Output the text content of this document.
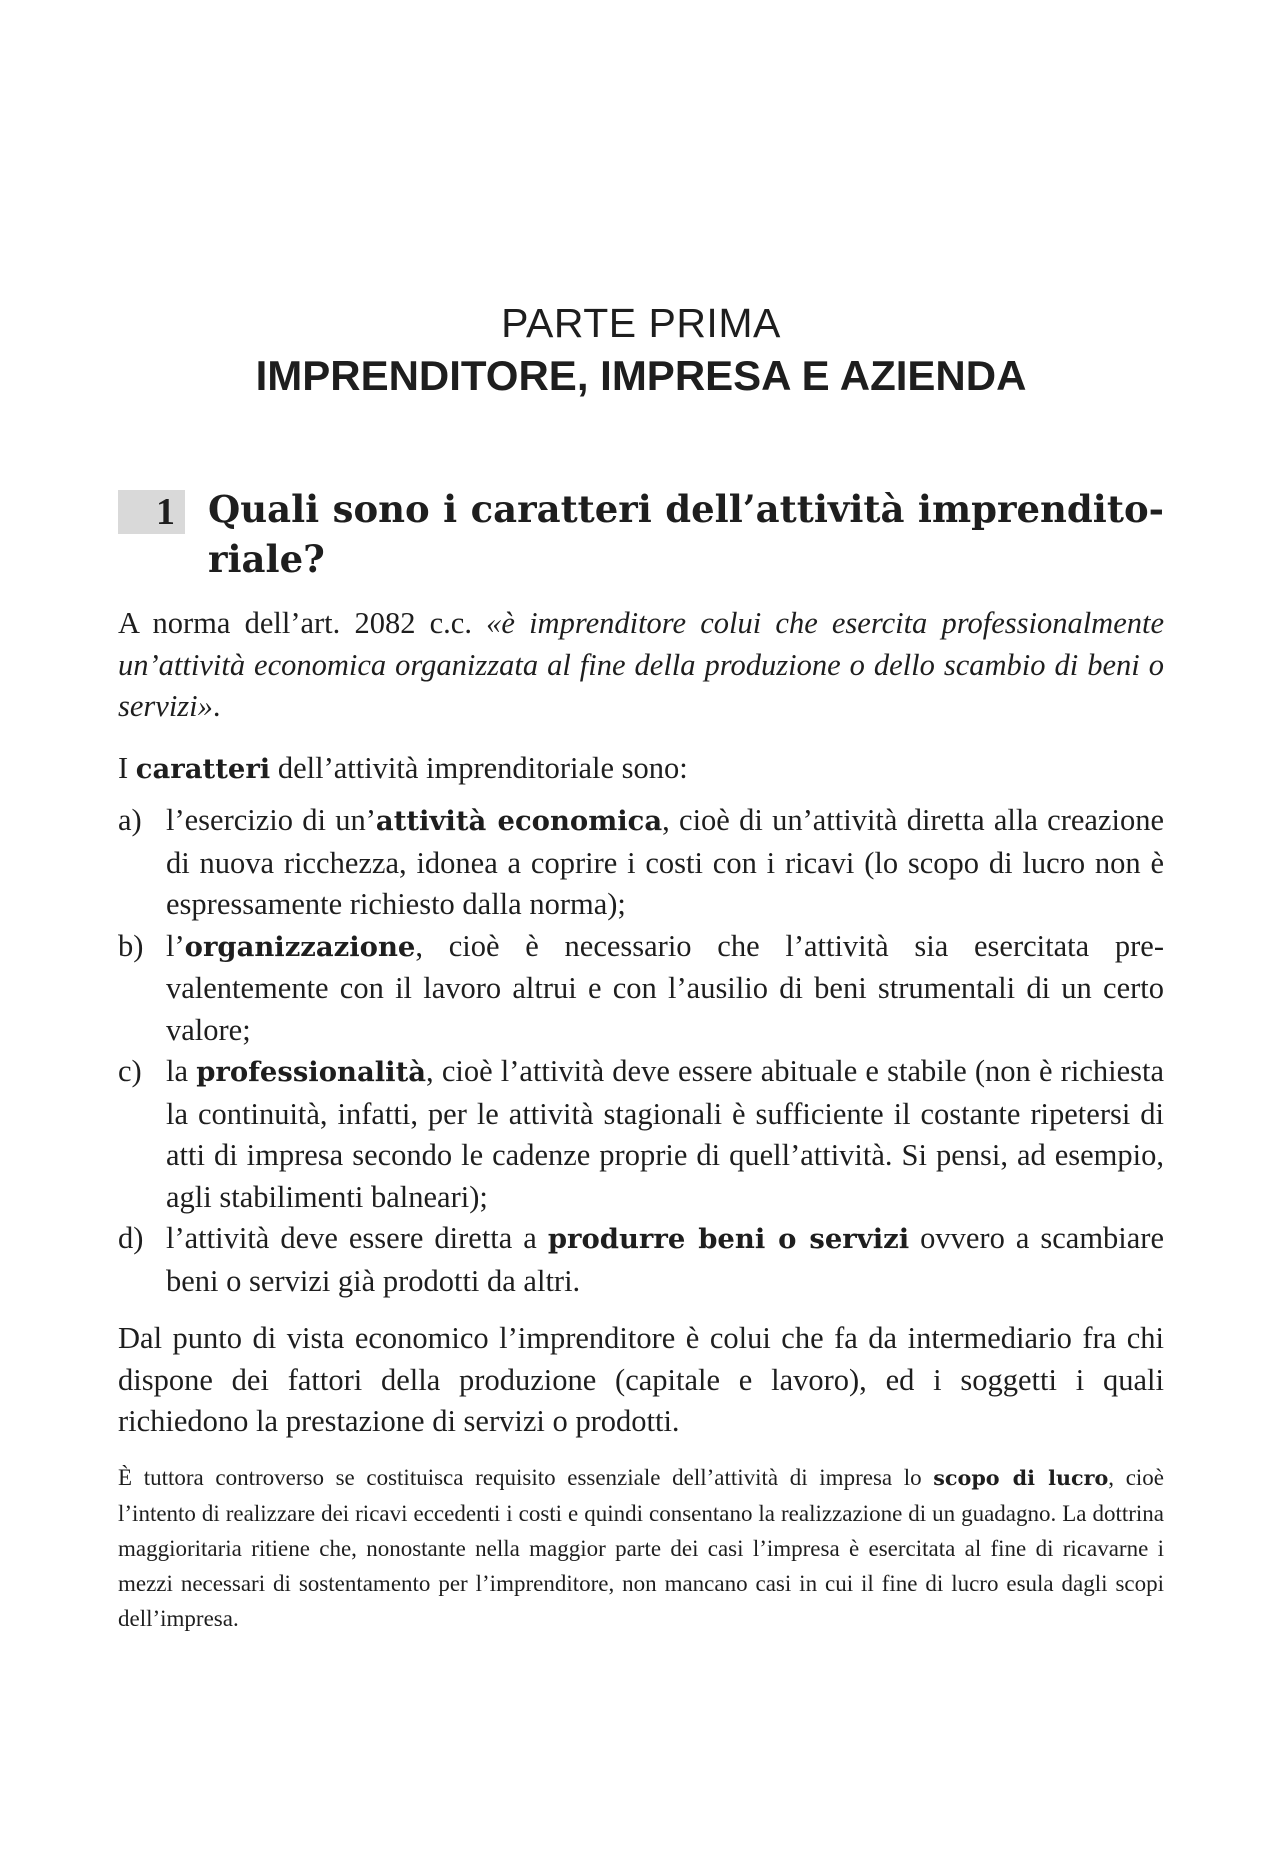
PARTE PRIMA
IMPRENDITORE, IMPRESA E AZIENDA
1 Quali sono i caratteri dell’attività imprenditoriale?

A norma dell’art. 2082 c.c. «è imprenditore colui che esercita professionalmente un’attività economica organizzata al fine della produzione o dello scambio di beni o servizi».

I caratteri dell’attività imprenditoriale sono:

a) l’esercizio di un’attività economica, cioè di un’attività diretta alla creazione di nuova ricchezza, idonea a coprire i costi con i ricavi (lo scopo di lucro non è espressamente richiesto dalla norma);
b) l’organizzazione, cioè è necessario che l’attività sia esercitata prevalentemente con il lavoro altrui e con l’ausilio di beni strumentali di un certo valore;
c) la professionalità, cioè l’attività deve essere abituale e stabile (non è richiesta la continuità, infatti, per le attività stagionali è sufficiente il costante ripetersi di atti di impresa secondo le cadenze proprie di quell’attività. Si pensi, ad esempio, agli stabilimenti balneari);
d) l’attività deve essere diretta a produrre beni o servizi ovvero a scambiare beni o servizi già prodotti da altri.

Dal punto di vista economico l’imprenditore è colui che fa da intermediario fra chi dispone dei fattori della produzione (capitale e lavoro), ed i soggetti i quali richiedono la prestazione di servizi o prodotti.

È tuttora controverso se costituisca requisito essenziale dell’attività di impresa lo scopo di lucro, cioè l’intento di realizzare dei ricavi eccedenti i costi e quindi consentano la realizzazione di un guadagno. La dottrina maggioritaria ritiene che, nonostante nella maggior parte dei casi l’impresa è esercitata al fine di ricavarne i mezzi necessari di sostentamento per l’imprenditore, non mancano casi in cui il fine di lucro esula dagli scopi dell’impresa.
